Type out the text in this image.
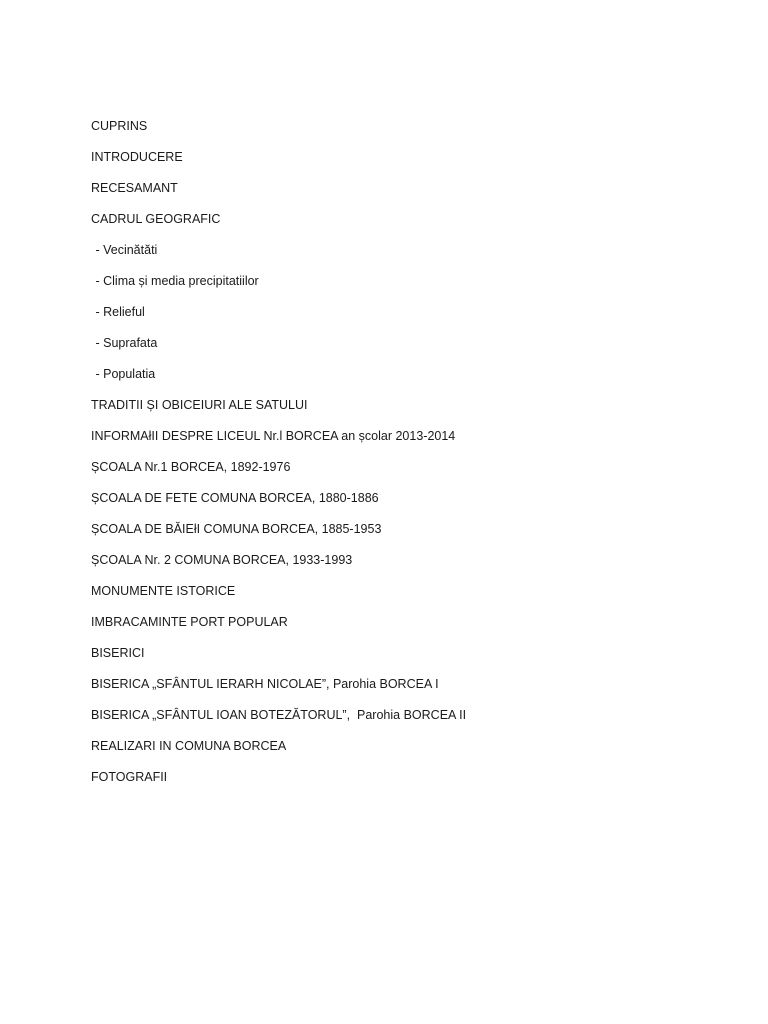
CUPRINS
INTRODUCERE
RECESAMANT
CADRUL GEOGRAFIC
- Vecinătăti
- Clima și media precipitatiilor
- Relieful
- Suprafata
- Populatia
TRADITII ȘI OBICEIURI ALE SATULUI
INFORMAłII DESPRE LICEUL Nr.l BORCEA an școlar 2013-2014
ȘCOALA Nr.1 BORCEA, 1892-1976
ȘCOALA DE FETE COMUNA BORCEA, 1880-1886
ȘCOALA DE BĂIEłI COMUNA BORCEA, 1885-1953
ȘCOALA Nr. 2 COMUNA BORCEA, 1933-1993
MONUMENTE ISTORICE
IMBRACAMINTE PORT POPULAR
BISERICI
BISERICA „SFÂNTUL IERARH NICOLAE”, Parohia BORCEA I
BISERICA „SFÂNTUL IOAN BOTEZĂTORUL”,  Parohia BORCEA II
REALIZARI IN COMUNA BORCEA
FOTOGRAFII
